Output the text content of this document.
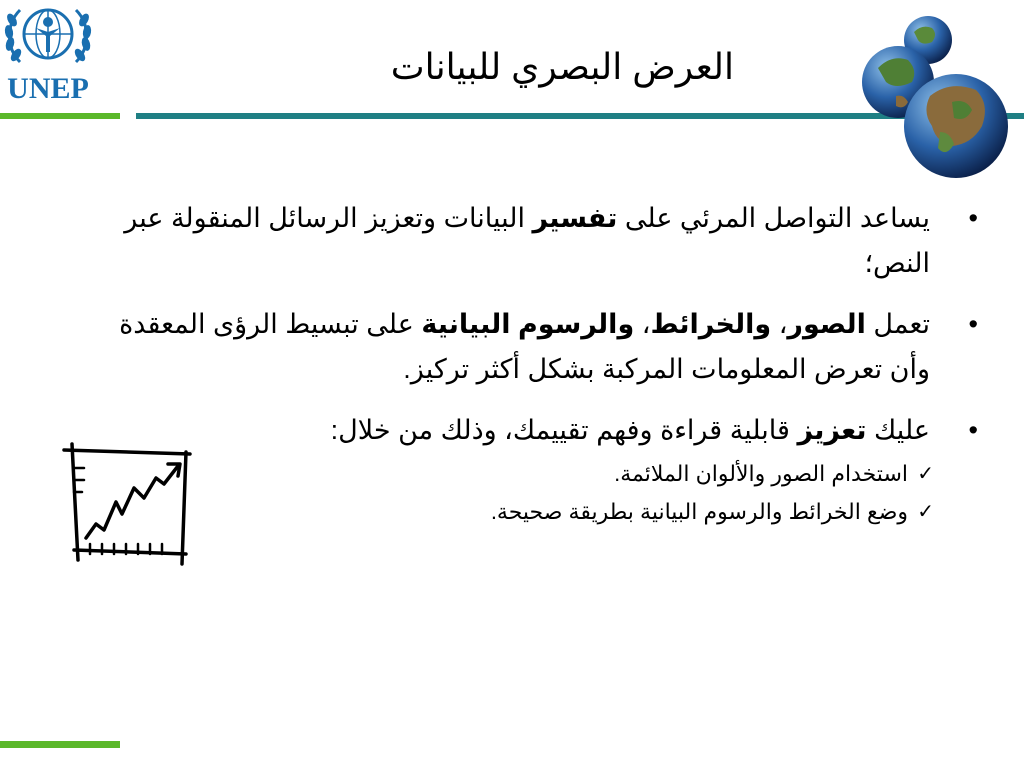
UNEP
العرض البصري للبيانات
•
يساعد التواصل المرئي على تفسير البيانات وتعزيز الرسائل المنقولة عبر النص؛
•
تعمل الصور، والخرائط، والرسوم البيانية على تبسيط الرؤى المعقدة وأن تعرض المعلومات المركبة بشكل أكثر تركيز.
•
عليك تعزيز قابلية قراءة وفهم تقييمك، وذلك من خلال:
✓
استخدام الصور والألوان الملائمة.
✓
وضع الخرائط والرسوم البيانية بطريقة صحيحة.
